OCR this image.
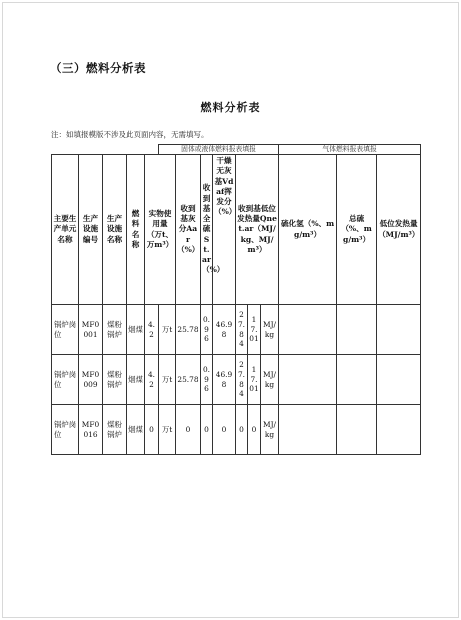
（三）燃料分析表
燃料分析表
注：如填报模版不涉及此页面内容，无需填写。
					固体或液体燃料报表填报							气体燃料报表填报		
主要生产单元名称	生产设施编号	生产设施名称	燃料名称	实物使用量（万t、万m³）		收到基灰分Aar（%）	收到基全硫St.ar（%）	干燥无灰基Vdaf挥发分（%）	收到基低位发热量Qnet.ar（MJ/kg、MJ/m³）			硫化氢（%、mg/m³）	总硫（%、mg/m³）	低位发热量（MJ/m³）
锅炉岗位	MF0001	煤粉锅炉	烟煤	4.2	万t	25.78	0.96	46.98	27.84	17.01	MJ/kg			
锅炉岗位	MF0009	煤粉锅炉	烟煤	4.2	万t	25.78	0.96	46.98	27.84	17.01	MJ/kg			
锅炉岗位	MF0016	煤粉锅炉	烟煤	0	万t	0	0	0	0	0	MJ/kg			
